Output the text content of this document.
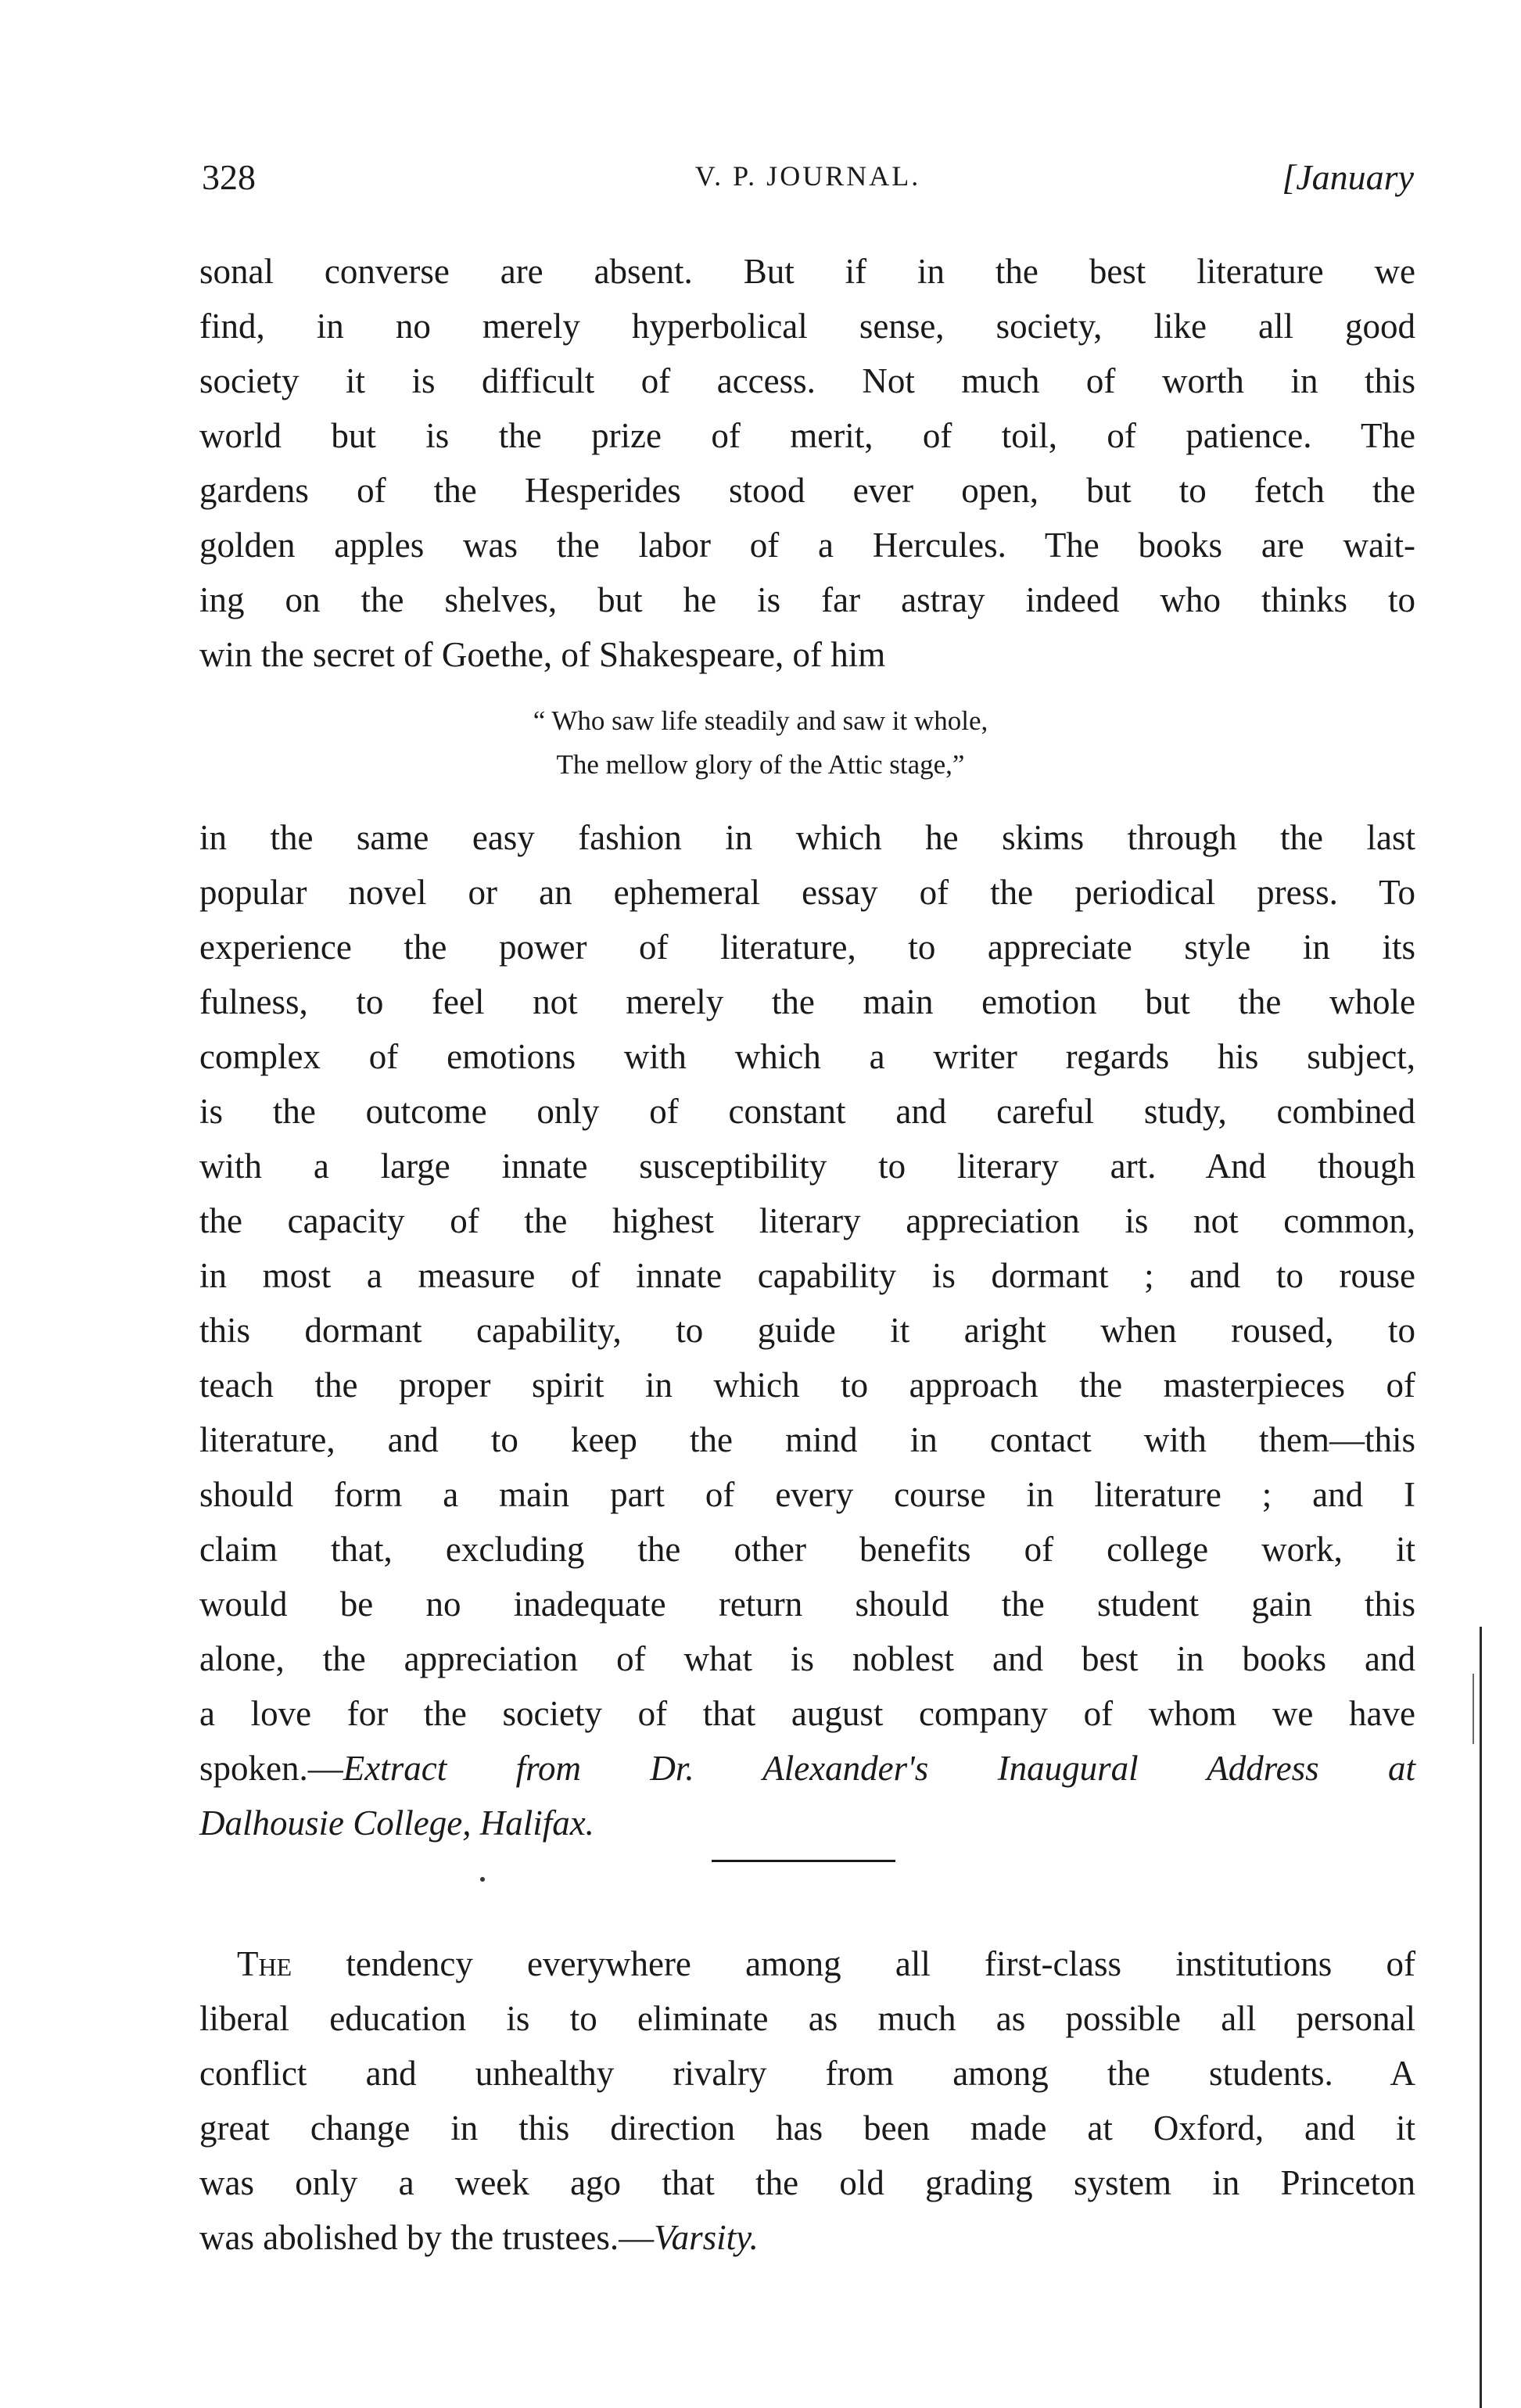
328	V. P. JOURNAL.	[January
sonal converse are absent. But if in the best literature we
find, in no merely hyperbolical sense, society, like all good
society it is difficult of access. Not much of worth in this
world but is the prize of merit, of toil, of patience. The
gardens of the Hesperides stood ever open, but to fetch the
golden apples was the labor of a Hercules. The books are wait-
ing on the shelves, but he is far astray indeed who thinks to
win the secret of Goethe, of Shakespeare, of him
“ Who saw life steadily and saw it whole,
The mellow glory of the Attic stage,”
in the same easy fashion in which he skims through the last
popular novel or an ephemeral essay of the periodical press. To
experience the power of literature, to appreciate style in its
fulness, to feel not merely the main emotion but the whole
complex of emotions with which a writer regards his subject,
is the outcome only of constant and careful study, combined
with a large innate susceptibility to literary art. And though
the capacity of the highest literary appreciation is not common,
in most a measure of innate capability is dormant ; and to rouse
this dormant capability, to guide it aright when roused, to
teach the proper spirit in which to approach the masterpieces of
literature, and to keep the mind in contact with them—this
should form a main part of every course in literature ; and I
claim that, excluding the other benefits of college work, it
would be no inadequate return should the student gain this
alone, the appreciation of what is noblest and best in books and
a love for the society of that august company of whom we have
spoken.—Extract from Dr. Alexander's Inaugural Address at
Dalhousie College, Halifax.
The tendency everywhere among all first-class institutions of
liberal education is to eliminate as much as possible all personal
conflict and unhealthy rivalry from among the students. A
great change in this direction has been made at Oxford, and it
was only a week ago that the old grading system in Princeton
was abolished by the trustees.—Varsity.
